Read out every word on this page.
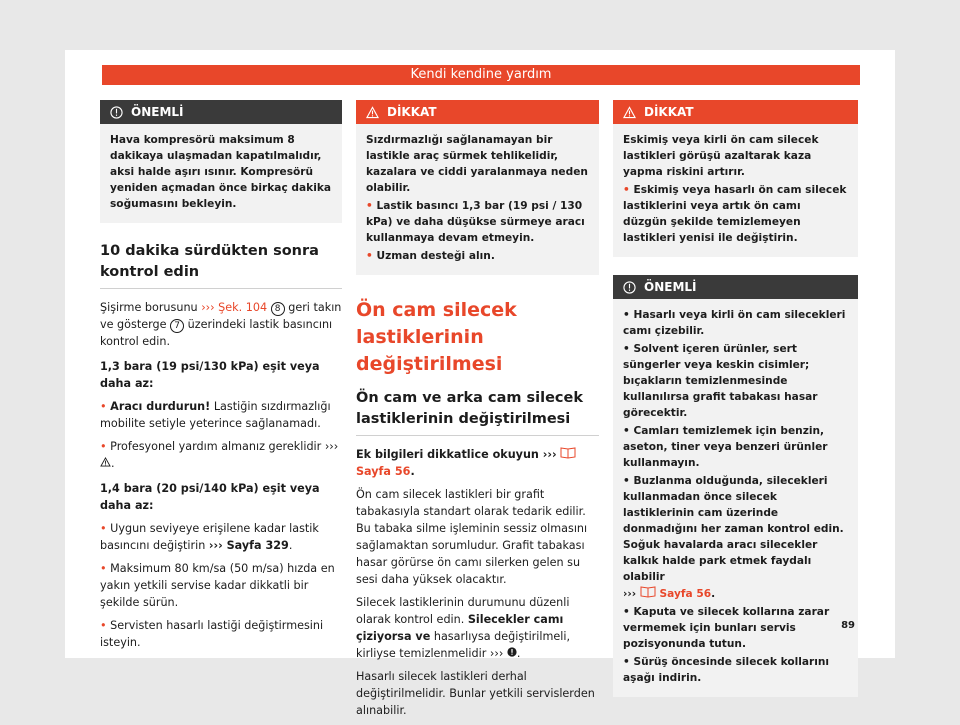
Kendi kendine yardım
ÖNEMLİ

Hava kompresörü maksimum 8 dakikaya ulaşmadan kapatılmalıdır, aksi halde aşırı ısınır. Kompresörü yeniden açmadan önce birkaç dakika soğumasını bekleyin.

10 dakika sürdükten sonra kontrol edin

Şişirme borusunu ››› Şek. 104 8 geri takın ve gösterge 7 üzerindeki lastik basıncını kontrol edin.

1,3 bara (19 psi/130 kPa) eşit veya daha az:

• Aracı durdurun! Lastiğin sızdırmazlığı mobilite setiyle yeterince sağlanamadı.

• Profesyonel yardım almanız gereklidir ››› .

1,4 bara (20 psi/140 kPa) eşit veya daha az:

• Uygun seviyeye erişilene kadar lastik basıncını değiştirin ››› Sayfa 329.

• Maksimum 80 km/sa (50 m/sa) hızda en yakın yetkili servise kadar dikkatli bir şekilde sürün.

• Servisten hasarlı lastiği değiştirmesini isteyin.

DİKKAT

Sızdırmazlığı sağlanamayan bir lastikle araç sürmek tehlikelidir, kazalara ve ciddi yaralanmaya neden olabilir.

• Lastik basıncı 1,3 bar (19 psi / 130 kPa) ve daha düşükse sürmeye aracı kullanmaya devam etmeyin.

• Uzman desteği alın.

Ön cam silecek lastiklerinin değiştirilmesi
Ön cam ve arka cam silecek lastiklerinin değiştirilmesi

Ek bilgileri dikkatlice okuyun ›››  Sayfa 56.

Ön cam silecek lastikleri bir grafit tabakasıyla standart olarak tedarik edilir. Bu tabaka silme işleminin sessiz olmasını sağlamaktan sorumludur. Grafit tabakası hasar görürse ön camı silerken gelen su sesi daha yüksek olacaktır.

Silecek lastiklerinin durumunu düzenli olarak kontrol edin. Silecekler camı çiziyorsa ve hasarlıysa değiştirilmeli, kirliyse temizlenmelidir ››› .

Hasarlı silecek lastikleri derhal değiştirilmelidir. Bunlar yetkili servislerden alınabilir.

DİKKAT

Eskimiş veya kirli ön cam silecek lastikleri görüşü azaltarak kaza yapma riskini artırır.

• Eskimiş veya hasarlı ön cam silecek lastiklerini veya artık ön camı düzgün şekilde temizlemeyen lastikleri yenisi ile değiştirin.

ÖNEMLİ

• Hasarlı veya kirli ön cam silecekleri camı çizebilir.

• Solvent içeren ürünler, sert süngerler veya keskin cisimler; bıçakların temizlenmesinde kullanılırsa grafit tabakası hasar görecektir.

• Camları temizlemek için benzin, aseton, tiner veya benzeri ürünler kullanmayın.

• Buzlanma olduğunda, silecekleri kullanmadan önce silecek lastiklerinin cam üzerinde donmadığını her zaman kontrol edin. Soğuk havalarda aracı silecekler kalkık halde park etmek faydalı olabilir
››› Sayfa 56.

• Kaputa ve silecek kollarına zarar vermemek için bunları servis pozisyonunda tutun.

• Sürüş öncesinde silecek kollarını aşağı indirin.

89
